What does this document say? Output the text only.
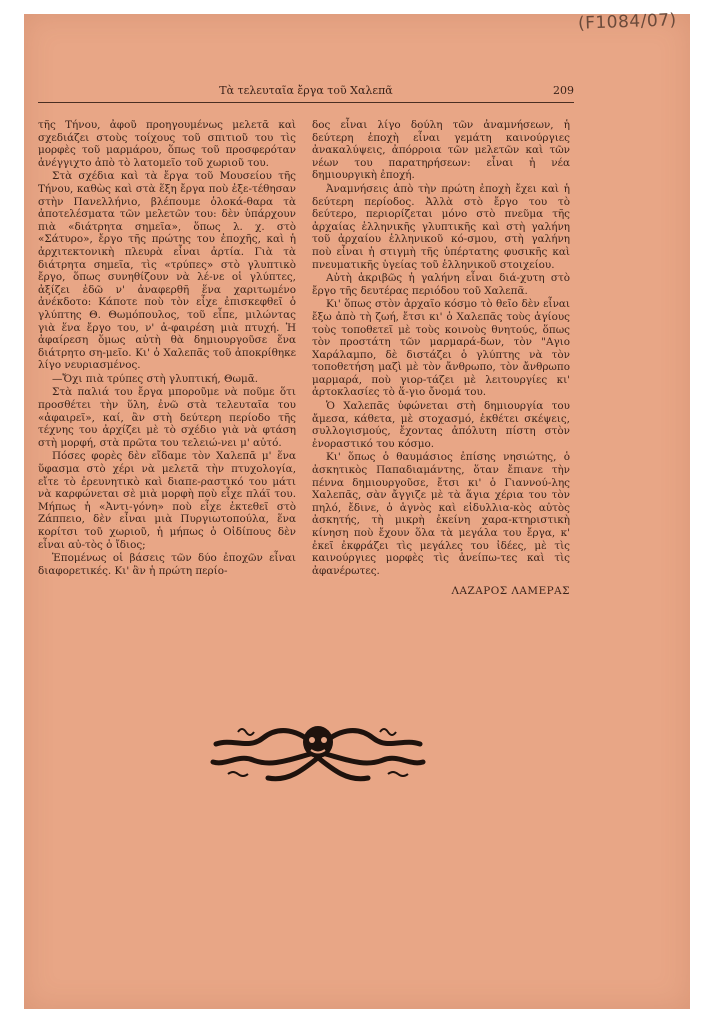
(F1084/07)
Τὰ τελευταῖα ἔργα τοῦ Χαλεπᾶ	209

τῆς Τήνου, ἀφοῦ προηγουμένως μελετᾶ καὶ σχεδιάζει στοὺς τοίχους τοῦ σπιτιοῦ του τὶς μορφὲς τοῦ μαρμάρου, ὅπως τοῦ προσφερόταν ἀνέγγιχτο ἀπὸ τὸ λατομεῖο τοῦ χωριοῦ του.

Στὰ σχέδια καὶ τὰ ἔργα τοῦ Μουσείου τῆς Τήνου, καθὼς καὶ στὰ ἕξη ἔργα ποὺ ἐξε-τέθησαν στὴν Πανελλήνιο, βλέπουμε ὁλοκά-θαρα τὰ ἀποτελέσματα τῶν μελετῶν του: δὲν ὑπάρχουν πιὰ «διάτρητα σημεῖα», ὅπως λ. χ. στὸ «Σάτυρο», ἔργο τῆς πρώτης του ἐποχῆς, καὶ ἡ ἀρχιτεκτονικὴ πλευρὰ εἶναι ἀρτία. Γιὰ τὰ διάτρητα σημεῖα, τὶς «τρύπες» στὸ γλυπτικὸ ἔργο, ὅπως συνηθίζουν νὰ λέ-νε οἱ γλύπτες, ἀξίζει ἐδῶ ν' ἀναφερθῆ ἕνα χαριτωμένο ἀνέκδοτο: Κάποτε ποὺ τὸν εἶχε ἐπισκεφθεῖ ὁ γλύπτης Θ. Θωμόπουλος, τοῦ εἶπε, μιλώντας γιὰ ἕνα ἔργο του, ν' ἀ-φαιρέση μιὰ πτυχή. Ἡ ἀφαίρεση ὅμως αὐτὴ θὰ δημιουργοῦσε ἕνα διάτρητο ση-μεῖο. Κι' ὁ Χαλεπᾶς τοῦ ἀποκρίθηκε λίγο νευριασμένος.

—Ὄχι πιὰ τρύπες στὴ γλυπτική, Θωμᾶ.

Στὰ παλιά του ἔργα μποροῦμε νὰ ποῦμε ὅτι προσθέτει τὴν ὕλη, ἐνῶ στὰ τελευταῖα του «ἀφαιρεῖ», καί, ἂν στὴ δεύτερη περίοδο τῆς τέχνης του ἀρχίζει μὲ τὸ σχέδιο γιὰ νὰ φτάση στὴ μορφή, στὰ πρῶτα του τελειώ-νει μ' αὐτό.

Πόσες φορὲς δὲν εἴδαμε τὸν Χαλεπᾶ μ' ἕνα ὕφασμα στὸ χέρι νὰ μελετᾶ τὴν πτυχολογία, εἴτε τὸ ἐρευνητικὸ καὶ διαπε-ραστικό του μάτι νὰ καρφώνεται σὲ μιὰ μορφὴ ποὺ εἶχε πλάϊ του. Μήπως ἡ «Ἀντι-γόνη» ποὺ εἶχε ἐκτεθεῖ στὸ Ζάππειο, δὲν εἶναι μιὰ Πυργιωτοπούλα, ἕνα κορίτσι τοῦ χωριοῦ, ἡ μήπως ὁ Οἰδίπους δὲν εἶναι αὐ-τὸς ὁ ἴδιος;

Ἑπομένως οἱ βάσεις τῶν δύο ἐποχῶν εἶναι διαφορετικές. Κι' ἂν ἡ πρώτη περίο-

δος εἶναι λίγο δούλη τῶν ἀναμνήσεων, ἡ δεύτερη ἐποχὴ εἶναι γεμάτη καινούργιες ἀνακαλύψεις, ἀπόρροια τῶν μελετῶν καὶ τῶν νέων του παρατηρήσεων: εἶναι ἡ νέα δημιουργικὴ ἐποχή.

Ἀναμνήσεις ἀπὸ τὴν πρώτη ἐποχὴ ἔχει καὶ ἡ δεύτερη περίοδος. Ἀλλὰ στὸ ἔργο του τὸ δεύτερο, περιορίζεται μόνο στὸ πνεῦμα τῆς ἀρχαίας ἑλληνικῆς γλυπτικῆς καὶ στὴ γαλήνη τοῦ ἀρχαίου ἑλληνικοῦ κό-σμου, στὴ γαλήνη ποὺ εἶναι ἡ στιγμὴ τῆς ὑπέρτατης φυσικῆς καὶ πνευματικῆς ὑγείας τοῦ ἑλληνικοῦ στοιχείου.

Αὐτὴ ἀκριβῶς ἡ γαλήνη εἶναι διά-χυτη στὸ ἔργο τῆς δευτέρας περιόδου τοῦ Χαλεπᾶ.

Κι' ὅπως στὸν ἀρχαῖο κόσμο τὸ θεῖο δὲν εἶναι ἔξω ἀπὸ τὴ ζωή, ἔτσι κι' ὁ Χαλεπᾶς τοὺς ἁγίους τοὺς τοποθετεῖ μὲ τοὺς κοινοὺς θνητούς, ὅπως τὸν προστάτη τῶν μαρμαρά-δων, τὸν "Αγιο Χαράλαμπο, δὲ διστάζει ὁ γλύπτης νὰ τὸν τοποθετήση μαζὶ μὲ τὸν ἄνθρωπο, τὸν ἄνθρωπο μαρμαρά, ποὺ γιορ-τάζει μὲ λειτουργίες κι' ἀρτοκλασίες τὸ ἅ-γιο ὄνομά του.

Ὁ Χαλεπᾶς ὑφώνεται στὴ δημιουργία του ἄμεσα, κάθετα, μὲ στοχασμό, ἐκθέτει σκέψεις, συλλογισμούς, ἔχοντας ἀπόλυτη πίστη στὸν ἐνοραστικό του κόσμο.

Κι' ὅπως ὁ θαυμάσιος ἐπίσης νησιώτης, ὁ ἀσκητικὸς Παπαδιαμάντης, ὅταν ἔπιανε τὴν πέννα δημιουργοῦσε, ἔτσι κι' ὁ Γιαννού-λης Χαλεπᾶς, σὰν ἄγγιζε μὲ τὰ ἅγια χέρια του τὸν πηλό, ἔδινε, ὁ ἁγνὸς καὶ εἰδυλλια-κὸς αὐτὸς ἀσκητής, τὴ μικρὴ ἐκείνη χαρα-κτηριστικὴ κίνηση ποὺ ἔχουν ὅλα τὰ μεγάλα του ἔργα, κ' ἐκεῖ ἐκφράζει τὶς μεγάλες του ἰδέες, μὲ τὶς καινούργιες μορφὲς τὶς ἀνείπω-τες καὶ τὶς ἀφανέρωτες.

ΛΑΖΑΡΟΣ ΛΑΜΕΡΑΣ
